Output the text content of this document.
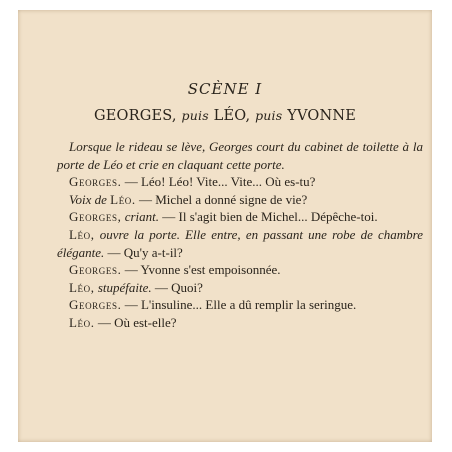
SCÈNE I
GEORGES, puis LÉO, puis YVONNE

Lorsque le rideau se lève, Georges court du cabinet de toilette à la porte de Léo et crie en claquant cette porte.

Georges. — Léo! Léo! Vite... Vite... Où es-tu?

Voix de Léo. — Michel a donné signe de vie?

Georges, criant. — Il s'agit bien de Michel... Dépêche-toi.

Léo, ouvre la porte. Elle entre, en passant une robe de chambre élégante. — Qu'y a-t-il?

Georges. — Yvonne s'est empoisonnée.

Léo, stupéfaite. — Quoi?

Georges. — L'insuline... Elle a dû remplir la seringue.

Léo. — Où est-elle?
